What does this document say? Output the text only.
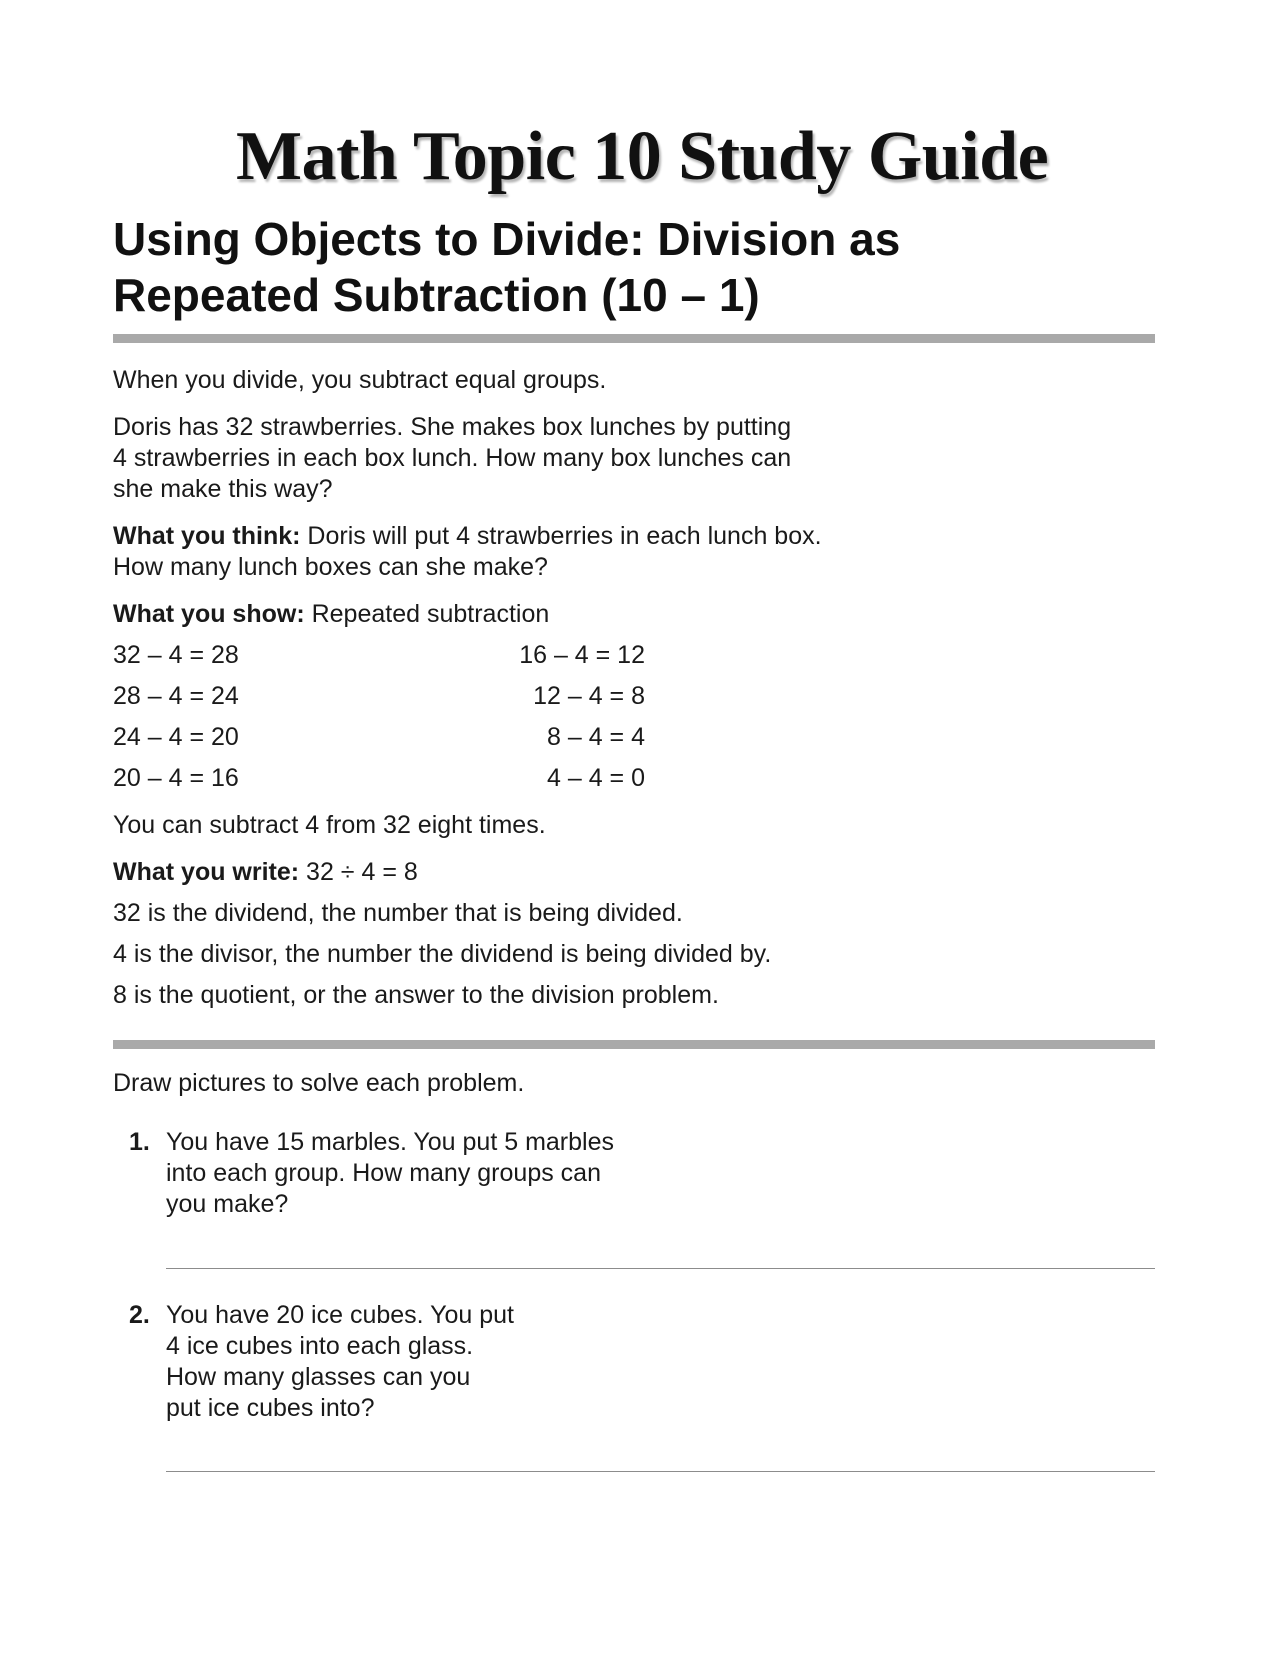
Math Topic 10 Study Guide
Using Objects to Divide: Division as
Repeated Subtraction (10 – 1)

When you divide, you subtract equal groups.

Doris has 32 strawberries. She makes box lunches by putting
4 strawberries in each box lunch. How many box lunches can
she make this way?

What you think: Doris will put 4 strawberries in each lunch box.
How many lunch boxes can she make?

What you show: Repeated subtraction

32 – 4 = 28

28 – 4 = 24

24 – 4 = 20

20 – 4 = 16

16 – 4 = 12

12 – 4 = 8

8 – 4 = 4

4 – 4 = 0

You can subtract 4 from 32 eight times.

What you write: 32 ÷ 4 = 8

32 is the dividend, the number that is being divided.

4 is the divisor, the number the dividend is being divided by.

8 is the quotient, or the answer to the division problem.

Draw pictures to solve each problem.

1. You have 15 marbles. You put 5 marbles
into each group. How many groups can
you make?
2. You have 20 ice cubes. You put
4 ice cubes into each glass.
How many glasses can you
put ice cubes into?
